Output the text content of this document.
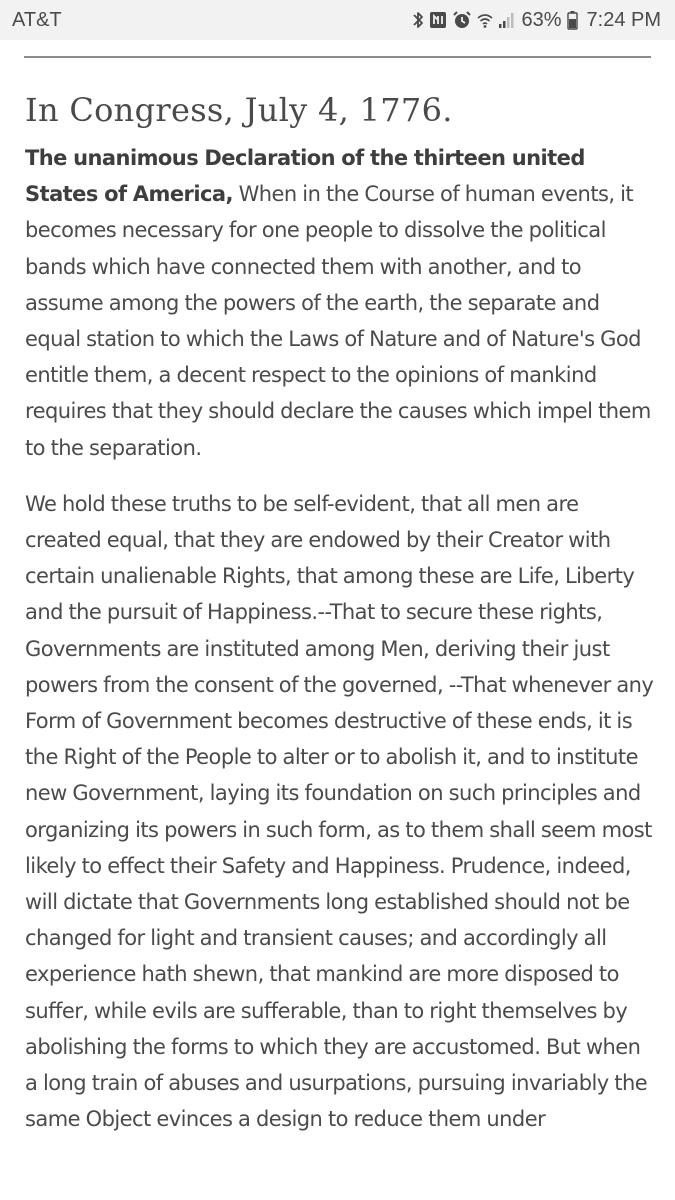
AT&T	63% 7:24 PM
In Congress, July 4, 1776.

The unanimous Declaration of the thirteen united States of America, When in the Course of human events, it becomes necessary for one people to dissolve the political bands which have connected them with another, and to assume among the powers of the earth, the separate and equal station to which the Laws of Nature and of Nature's God entitle them, a decent respect to the opinions of mankind requires that they should declare the causes which impel them to the separation.

We hold these truths to be self-evident, that all men are created equal, that they are endowed by their Creator with certain unalienable Rights, that among these are Life, Liberty and the pursuit of Happiness.--That to secure these rights, Governments are instituted among Men, deriving their just powers from the consent of the governed, --That whenever any Form of Government becomes destructive of these ends, it is the Right of the People to alter or to abolish it, and to institute new Government, laying its foundation on such principles and organizing its powers in such form, as to them shall seem most likely to effect their Safety and Happiness. Prudence, indeed, will dictate that Governments long established should not be changed for light and transient causes; and accordingly all experience hath shewn, that mankind are more disposed to suffer, while evils are sufferable, than to right themselves by abolishing the forms to which they are accustomed. But when a long train of abuses and usurpations, pursuing invariably the same Object evinces a design to reduce them under
